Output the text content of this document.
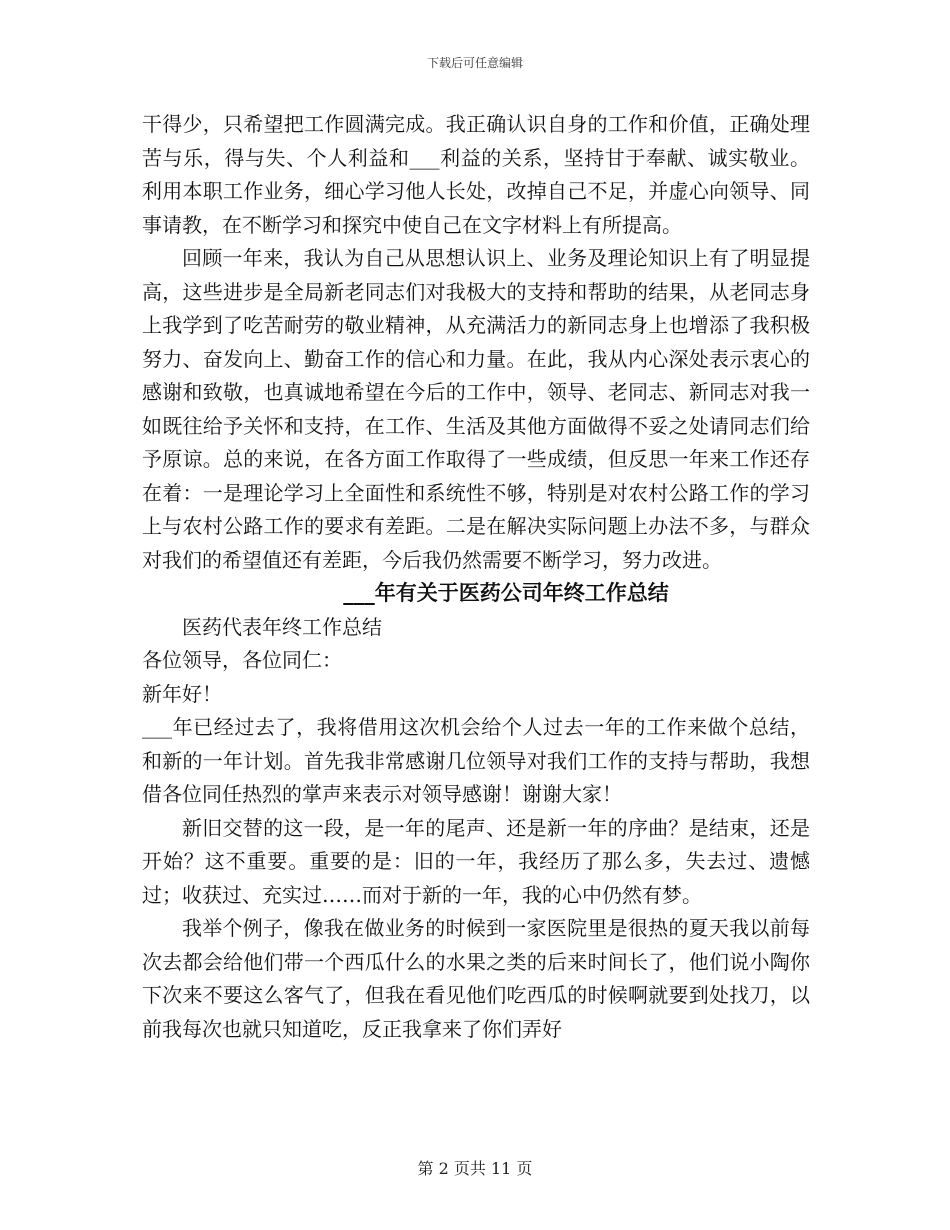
下载后可任意编辑

干得少，只希望把工作圆满完成。我正确认识自身的工作和价值，正确处理苦与乐，得与失、个人利益和___利益的关系，坚持甘于奉献、诚实敬业。利用本职工作业务，细心学习他人长处，改掉自己不足，并虚心向领导、同事请教，在不断学习和探究中使自己在文字材料上有所提高。

回顾一年来，我认为自己从思想认识上、业务及理论知识上有了明显提高，这些进步是全局新老同志们对我极大的支持和帮助的结果，从老同志身上我学到了吃苦耐劳的敬业精神，从充满活力的新同志身上也增添了我积极努力、奋发向上、勤奋工作的信心和力量。在此，我从内心深处表示衷心的感谢和致敬，也真诚地希望在今后的工作中，领导、老同志、新同志对我一如既往给予关怀和支持，在工作、生活及其他方面做得不妥之处请同志们给予原谅。总的来说，在各方面工作取得了一些成绩，但反思一年来工作还存在着：一是理论学习上全面性和系统性不够，特别是对农村公路工作的学习上与农村公路工作的要求有差距。二是在解决实际问题上办法不多，与群众对我们的希望值还有差距，今后我仍然需要不断学习，努力改进。

___年有关于医药公司年终工作总结

医药代表年终工作总结

各位领导，各位同仁：

新年好！

___年已经过去了，我将借用这次机会给个人过去一年的工作来做个总结，和新的一年计划。首先我非常感谢几位领导对我们工作的支持与帮助，我想借各位同任热烈的掌声来表示对领导感谢！谢谢大家！

新旧交替的这一段，是一年的尾声、还是新一年的序曲？是结束，还是开始？这不重要。重要的是：旧的一年，我经历了那么多，失去过、遗憾过；收获过、充实过……而对于新的一年，我的心中仍然有梦。

我举个例子，像我在做业务的时候到一家医院里是很热的夏天我以前每次去都会给他们带一个西瓜什么的水果之类的后来时间长了，他们说小陶你下次来不要这么客气了，但我在看见他们吃西瓜的时候啊就要到处找刀，以前我每次也就只知道吃，反正我拿来了你们弄好

第 2 页共 11 页
